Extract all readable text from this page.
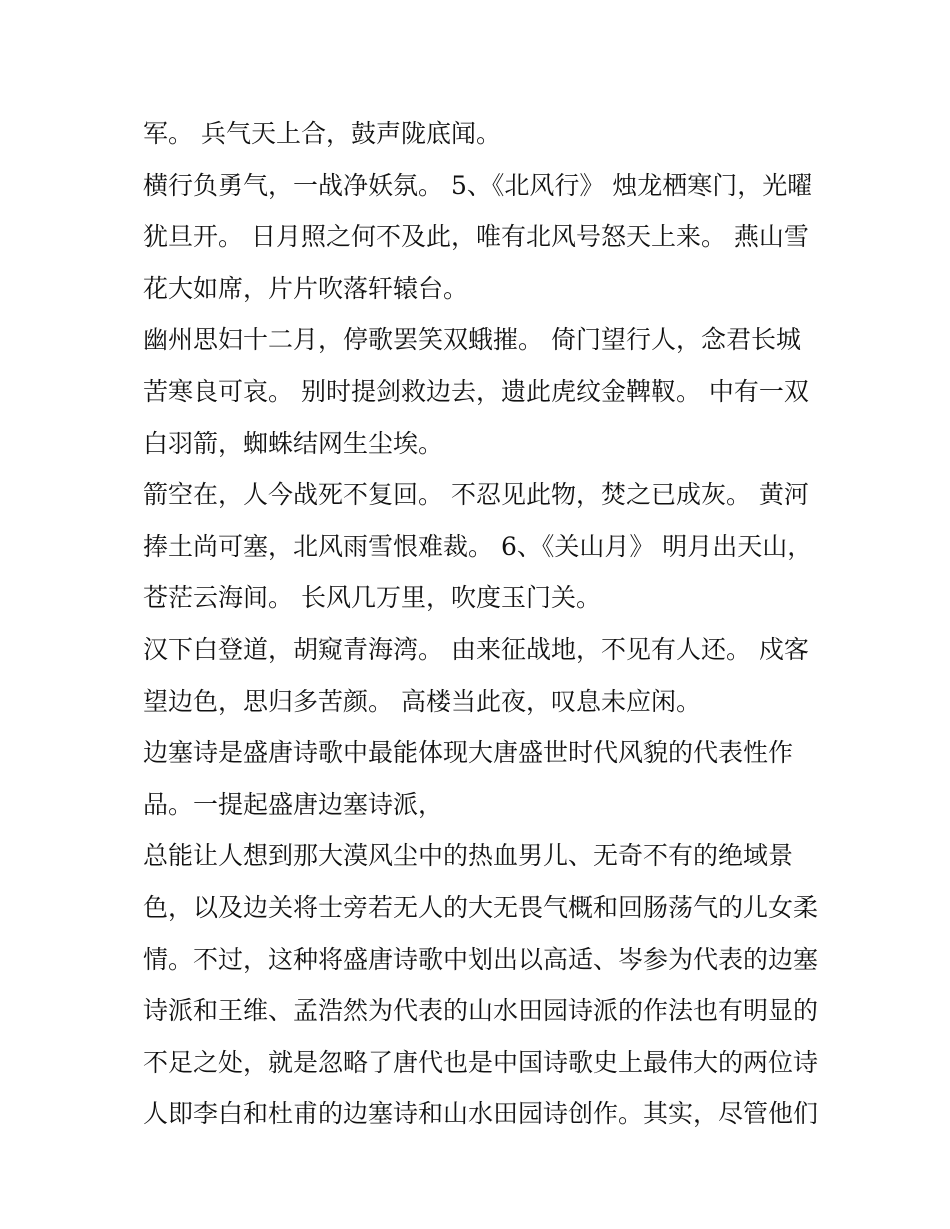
军。 兵气天上合，鼓声陇底闻。
横行负勇气，一战净妖氛。 5、《北风行》 烛龙栖寒门，光曜
犹旦开。 日月照之何不及此，唯有北风号怒天上来。 燕山雪
花大如席，片片吹落轩辕台。
幽州思妇十二月，停歌罢笑双蛾摧。 倚门望行人，念君长城
苦寒良可哀。 别时提剑救边去，遗此虎纹金鞞靫。 中有一双
白羽箭，蜘蛛结网生尘埃。
箭空在，人今战死不复回。 不忍见此物，焚之已成灰。 黄河
捧土尚可塞，北风雨雪恨难裁。 6、《关山月》 明月出天山，
苍茫云海间。 长风几万里，吹度玉门关。
汉下白登道，胡窥青海湾。 由来征战地，不见有人还。 戍客
望边色，思归多苦颜。 高楼当此夜，叹息未应闲。
边塞诗是盛唐诗歌中最能体现大唐盛世时代风貌的代表性作
品。一提起盛唐边塞诗派，
总能让人想到那大漠风尘中的热血男儿、无奇不有的绝域景
色，以及边关将士旁若无人的大无畏气概和回肠荡气的儿女柔
情。不过，这种将盛唐诗歌中划出以高适、岑参为代表的边塞
诗派和王维、孟浩然为代表的山水田园诗派的作法也有明显的
不足之处，就是忽略了唐代也是中国诗歌史上最伟大的两位诗
人即李白和杜甫的边塞诗和山水田园诗创作。其实，尽管他们
